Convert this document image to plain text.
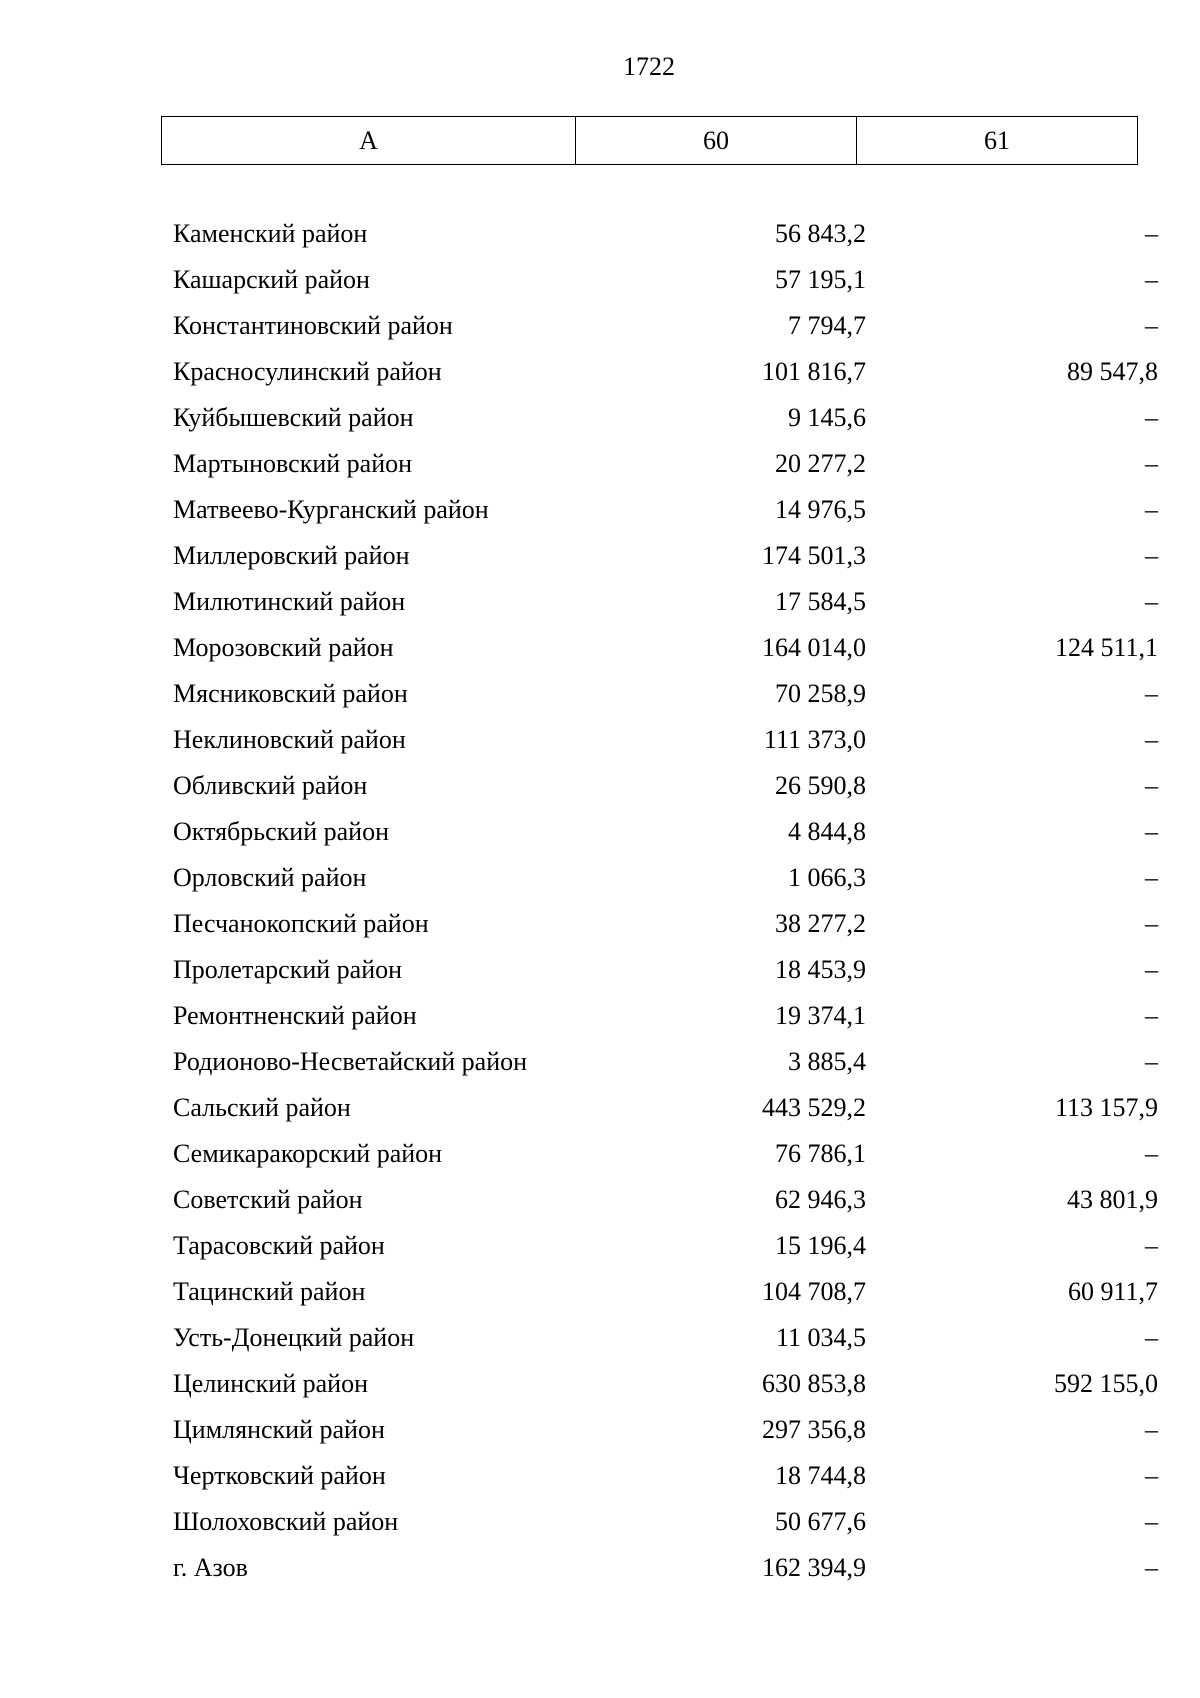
1722
А	60	61
Каменский район	56 843,2	–
Кашарский район	57 195,1	–
Константиновский район	7 794,7	–
Красносулинский район	101 816,7	89 547,8
Куйбышевский район	9 145,6	–
Мартыновский район	20 277,2	–
Матвеево-Курганский район	14 976,5	–
Миллеровский район	174 501,3	–
Милютинский район	17 584,5	–
Морозовский район	164 014,0	124 511,1
Мясниковский район	70 258,9	–
Неклиновский район	111 373,0	–
Обливский район	26 590,8	–
Октябрьский район	4 844,8	–
Орловский район	1 066,3	–
Песчанокопский район	38 277,2	–
Пролетарский район	18 453,9	–
Ремонтненский район	19 374,1	–
Родионово-Несветайский район	3 885,4	–
Сальский район	443 529,2	113 157,9
Семикаракорский район	76 786,1	–
Советский район	62 946,3	43 801,9
Тарасовский район	15 196,4	–
Тацинский район	104 708,7	60 911,7
Усть-Донецкий район	11 034,5	–
Целинский район	630 853,8	592 155,0
Цимлянский район	297 356,8	–
Чертковский район	18 744,8	–
Шолоховский район	50 677,6	–
г. Азов	162 394,9	–
